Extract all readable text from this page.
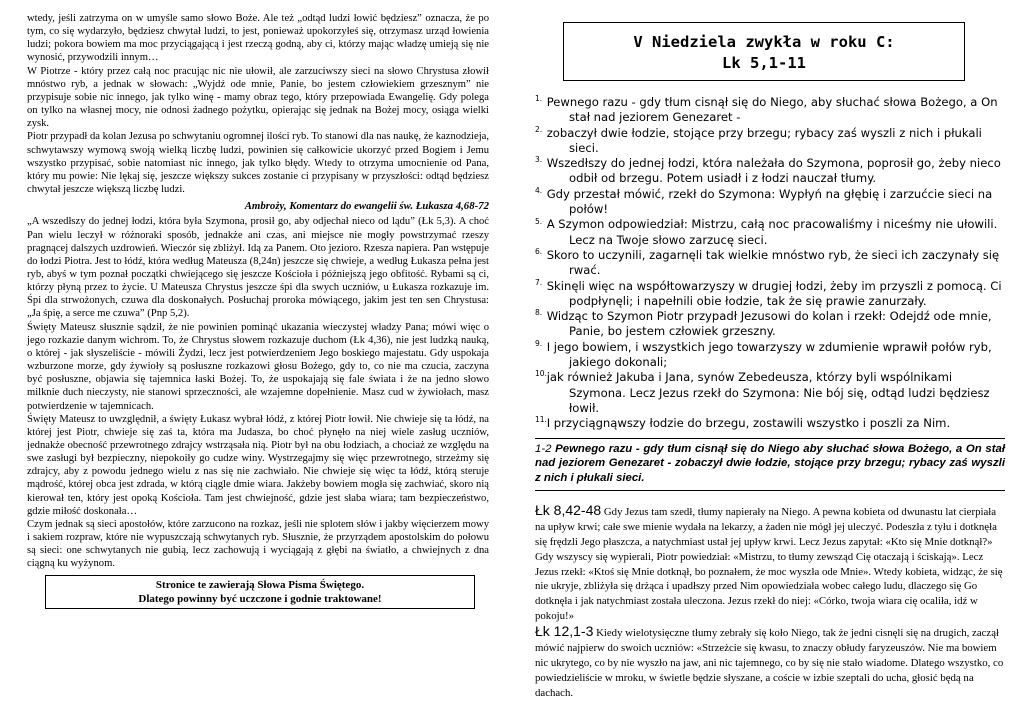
wtedy, jeśli zatrzyma on w umyśle samo słowo Boże. Ale też „odtąd ludzi łowić będziesz” oznacza, że po tym, co się wydarzyło, będziesz chwytał ludzi, to jest, ponieważ upokorzyłeś się, otrzymasz urząd łowienia ludzi; pokora bowiem ma moc przyciągającą i jest rzeczą godną, aby ci, którzy mając władzę umieją się nie wynosić, przywodzili innym…

W Piotrze - który przez całą noc pracując nic nie ułowił, ale zarzuciwszy sieci na słowo Chrystusa złowił mnóstwo ryb, a jednak w słowach: „Wyjdź ode mnie, Panie, bo jestem człowiekiem grzesznym” nie przypisuje sobie nic innego, jak tylko winę - mamy obraz tego, który przepowiada Ewangelię. Gdy polega on tylko na własnej mocy, nie odnosi żadnego pożytku, opierając się jednak na Bożej mocy, osiąga wielki zysk.

Piotr przypadł da kolan Jezusa po schwytaniu ogromnej ilości ryb. To stanowi dla nas naukę, że kaznodzieja, schwytawszy wymową swoją wielką liczbę ludzi, powinien się całkowicie ukorzyć przed Bogiem i Jemu wszystko przypisać, sobie natomiast nic innego, jak tylko błędy. Wtedy to otrzyma umocnienie od Pana, który mu powie: Nie lękaj się, jeszcze większy sukces zostanie ci przypisany w przyszłości: odtąd będziesz chwytał jeszcze większą liczbę ludzi.

Ambroży, Komentarz do ewangelii św. Łukasza 4,68-72

„A wszedłszy do jednej łodzi, która była Szymona, prosił go, aby odjechał nieco od lądu” (Łk 5,3). A choć Pan wielu leczył w różnoraki sposób, jednakże ani czas, ani miejsce nie mogły powstrzymać rzeszy pragnącej dalszych uzdrowień. Wieczór się zbliżył. Idą za Panem. Oto jezioro. Rzesza napiera. Pan wstępuje do łodzi Piotra. Jest to łódź, która według Mateusza (8,24n) jeszcze się chwieje, a według Łukasza pełna jest ryb, abyś w tym poznał początki chwiejącego się jeszcze Kościoła i późniejszą jego obfitość. Rybami są ci, którzy płyną przez to życie. U Mateusza Chrystus jeszcze śpi dla swych uczniów, u Łukasza rozkazuje im. Śpi dla strwożonych, czuwa dla doskonałych. Posłuchaj proroka mówiącego, jakim jest ten sen Chrystusa: „Ja śpię, a serce me czuwa” (Pnp 5,2).

Święty Mateusz słusznie sądził, że nie powinien pominąć ukazania wieczystej władzy Pana; mówi więc o jego rozkazie danym wichrom. To, że Chrystus słowem rozkazuje duchom (Łk 4,36), nie jest ludzką nauką, o której - jak słyszeliście - mówili Żydzi, lecz jest potwierdzeniem Jego boskiego majestatu. Gdy uspokaja wzburzone morze, gdy żywioły są posłuszne rozkazowi głosu Bożego, gdy to, co nie ma czucia, zaczyna być posłuszne, objawia się tajemnica łaski Bożej. To, że uspokajają się fale świata i że na jedno słowo milknie duch nieczysty, nie stanowi sprzeczności, ale wzajemne dopełnienie. Masz cud w żywiołach, masz potwierdzenie w tajemnicach.

Święty Mateusz to uwzględnił, a święty Łukasz wybrał łódź, z której Piotr łowił. Nie chwieje się ta łódź, na której jest Piotr, chwieje się zaś ta, która ma Judasza, bo choć płynęło na niej wiele zasług uczniów, jednakże obecność przewrotnego zdrajcy wstrząsała nią. Piotr był na obu łodziach, a chociaż ze względu na swe zasługi był bezpieczny, niepokoiły go cudze winy. Wystrzegajmy się więc przewrotnego, strzeżmy się zdrajcy, aby z powodu jednego wielu z nas się nie zachwiało. Nie chwieje się więc ta łódź, którą steruje mądrość, której obca jest zdrada, w którą ciągle dmie wiara. Jakżeby bowiem mogła się zachwiać, skoro nią kierował ten, który jest opoką Kościoła. Tam jest chwiejność, gdzie jest słaba wiara; tam bezpieczeństwo, gdzie miłość doskonała…

Czym jednak są sieci apostołów, które zarzucono na rozkaz, jeśli nie splotem słów i jakby więcierzem mowy i sakiem rozpraw, które nie wypuszczają schwytanych ryb. Słusznie, że przyrządem apostolskim do połowu są sieci: one schwytanych nie gubią, lecz zachowują i wyciągają z głębi na światło, a chwiejnych z dna ciągną ku wyżynom.

Stronice te zawierają Słowa Pisma Świętego.
Dlatego powinny być uczczone i godnie traktowane!
V Niedziela zwykła w roku C:
Lk 5,1-11
1. Pewnego razu - gdy tłum cisnął się do Niego, aby słuchać słowa Bożego, a On stał nad jeziorem Genezaret -
2. zobaczył dwie łodzie, stojące przy brzegu; rybacy zaś wyszli z nich i płukali sieci.
3. Wszedłszy do jednej łodzi, która należała do Szymona, poprosił go, żeby nieco odbił od brzegu. Potem usiadł i z łodzi nauczał tłumy.
4. Gdy przestał mówić, rzekł do Szymona: Wypłyń na głębię i zarzućcie sieci na połów!
5. A Szymon odpowiedział: Mistrzu, całą noc pracowaliśmy i niceśmy nie ułowili. Lecz na Twoje słowo zarzucę sieci.
6. Skoro to uczynili, zagarnęli tak wielkie mnóstwo ryb, że sieci ich zaczynały się rwać.
7. Skinęli więc na współtowarzyszy w drugiej łodzi, żeby im przyszli z pomocą. Ci podpłynęli; i napełnili obie łodzie, tak że się prawie zanurzały.
8. Widząc to Szymon Piotr przypadł Jezusowi do kolan i rzekł: Odejdź ode mnie, Panie, bo jestem człowiek grzeszny.
9. I jego bowiem, i wszystkich jego towarzyszy w zdumienie wprawił połów ryb, jakiego dokonali;
10. jak również Jakuba i Jana, synów Zebedeusza, którzy byli wspólnikami Szymona. Lecz Jezus rzekł do Szymona: Nie bój się, odtąd ludzi będziesz łowił.
11. I przyciągnąwszy łodzie do brzegu, zostawili wszystko i poszli za Nim.
1-2 Pewnego razu - gdy tłum cisnął się do Niego aby słuchać słowa Bożego, a On stał nad jeziorem Genezaret - zobaczył dwie łodzie, stojące przy brzegu; rybacy zaś wyszli z nich i płukali sieci.

Łk 8,42-48 Gdy Jezus tam szedł, tłumy napierały na Niego. A pewna kobieta od dwunastu lat cierpiała na upływ krwi; całe swe mienie wydała na lekarzy, a żaden nie mógł jej uleczyć. Podeszła z tyłu i dotknęła się frędzli Jego płaszcza, a natychmiast ustał jej upływ krwi. Lecz Jezus zapytał: «Kto się Mnie dotknął?» Gdy wszyscy się wypierali, Piotr powiedział: «Mistrzu, to tłumy zewsząd Cię otaczają i ściskają». Lecz Jezus rzekł: «Ktoś się Mnie dotknął, bo poznałem, że moc wyszła ode Mnie». Wtedy kobieta, widząc, że się nie ukryje, zbliżyła się drżąca i upadłszy przed Nim opowiedziała wobec całego ludu, dlaczego się Go dotknęła i jak natychmiast została uleczona. Jezus rzekł do niej: «Córko, twoja wiara cię ocaliła, idź w pokoju!»

Łk 12,1-3 Kiedy wielotysięczne tłumy zebrały się koło Niego, tak że jedni cisnęli się na drugich, zaczął mówić najpierw do swoich uczniów: «Strzeżcie się kwasu, to znaczy obłudy faryzeuszów. Nie ma bowiem nic ukrytego, co by nie wyszło na jaw, ani nic tajemnego, co by się nie stało wiadome. Dlatego wszystko, co powiedzieliście w mroku, w świetle będzie słyszane, a coście w izbie szeptali do ucha, głosić będą na dachach.
